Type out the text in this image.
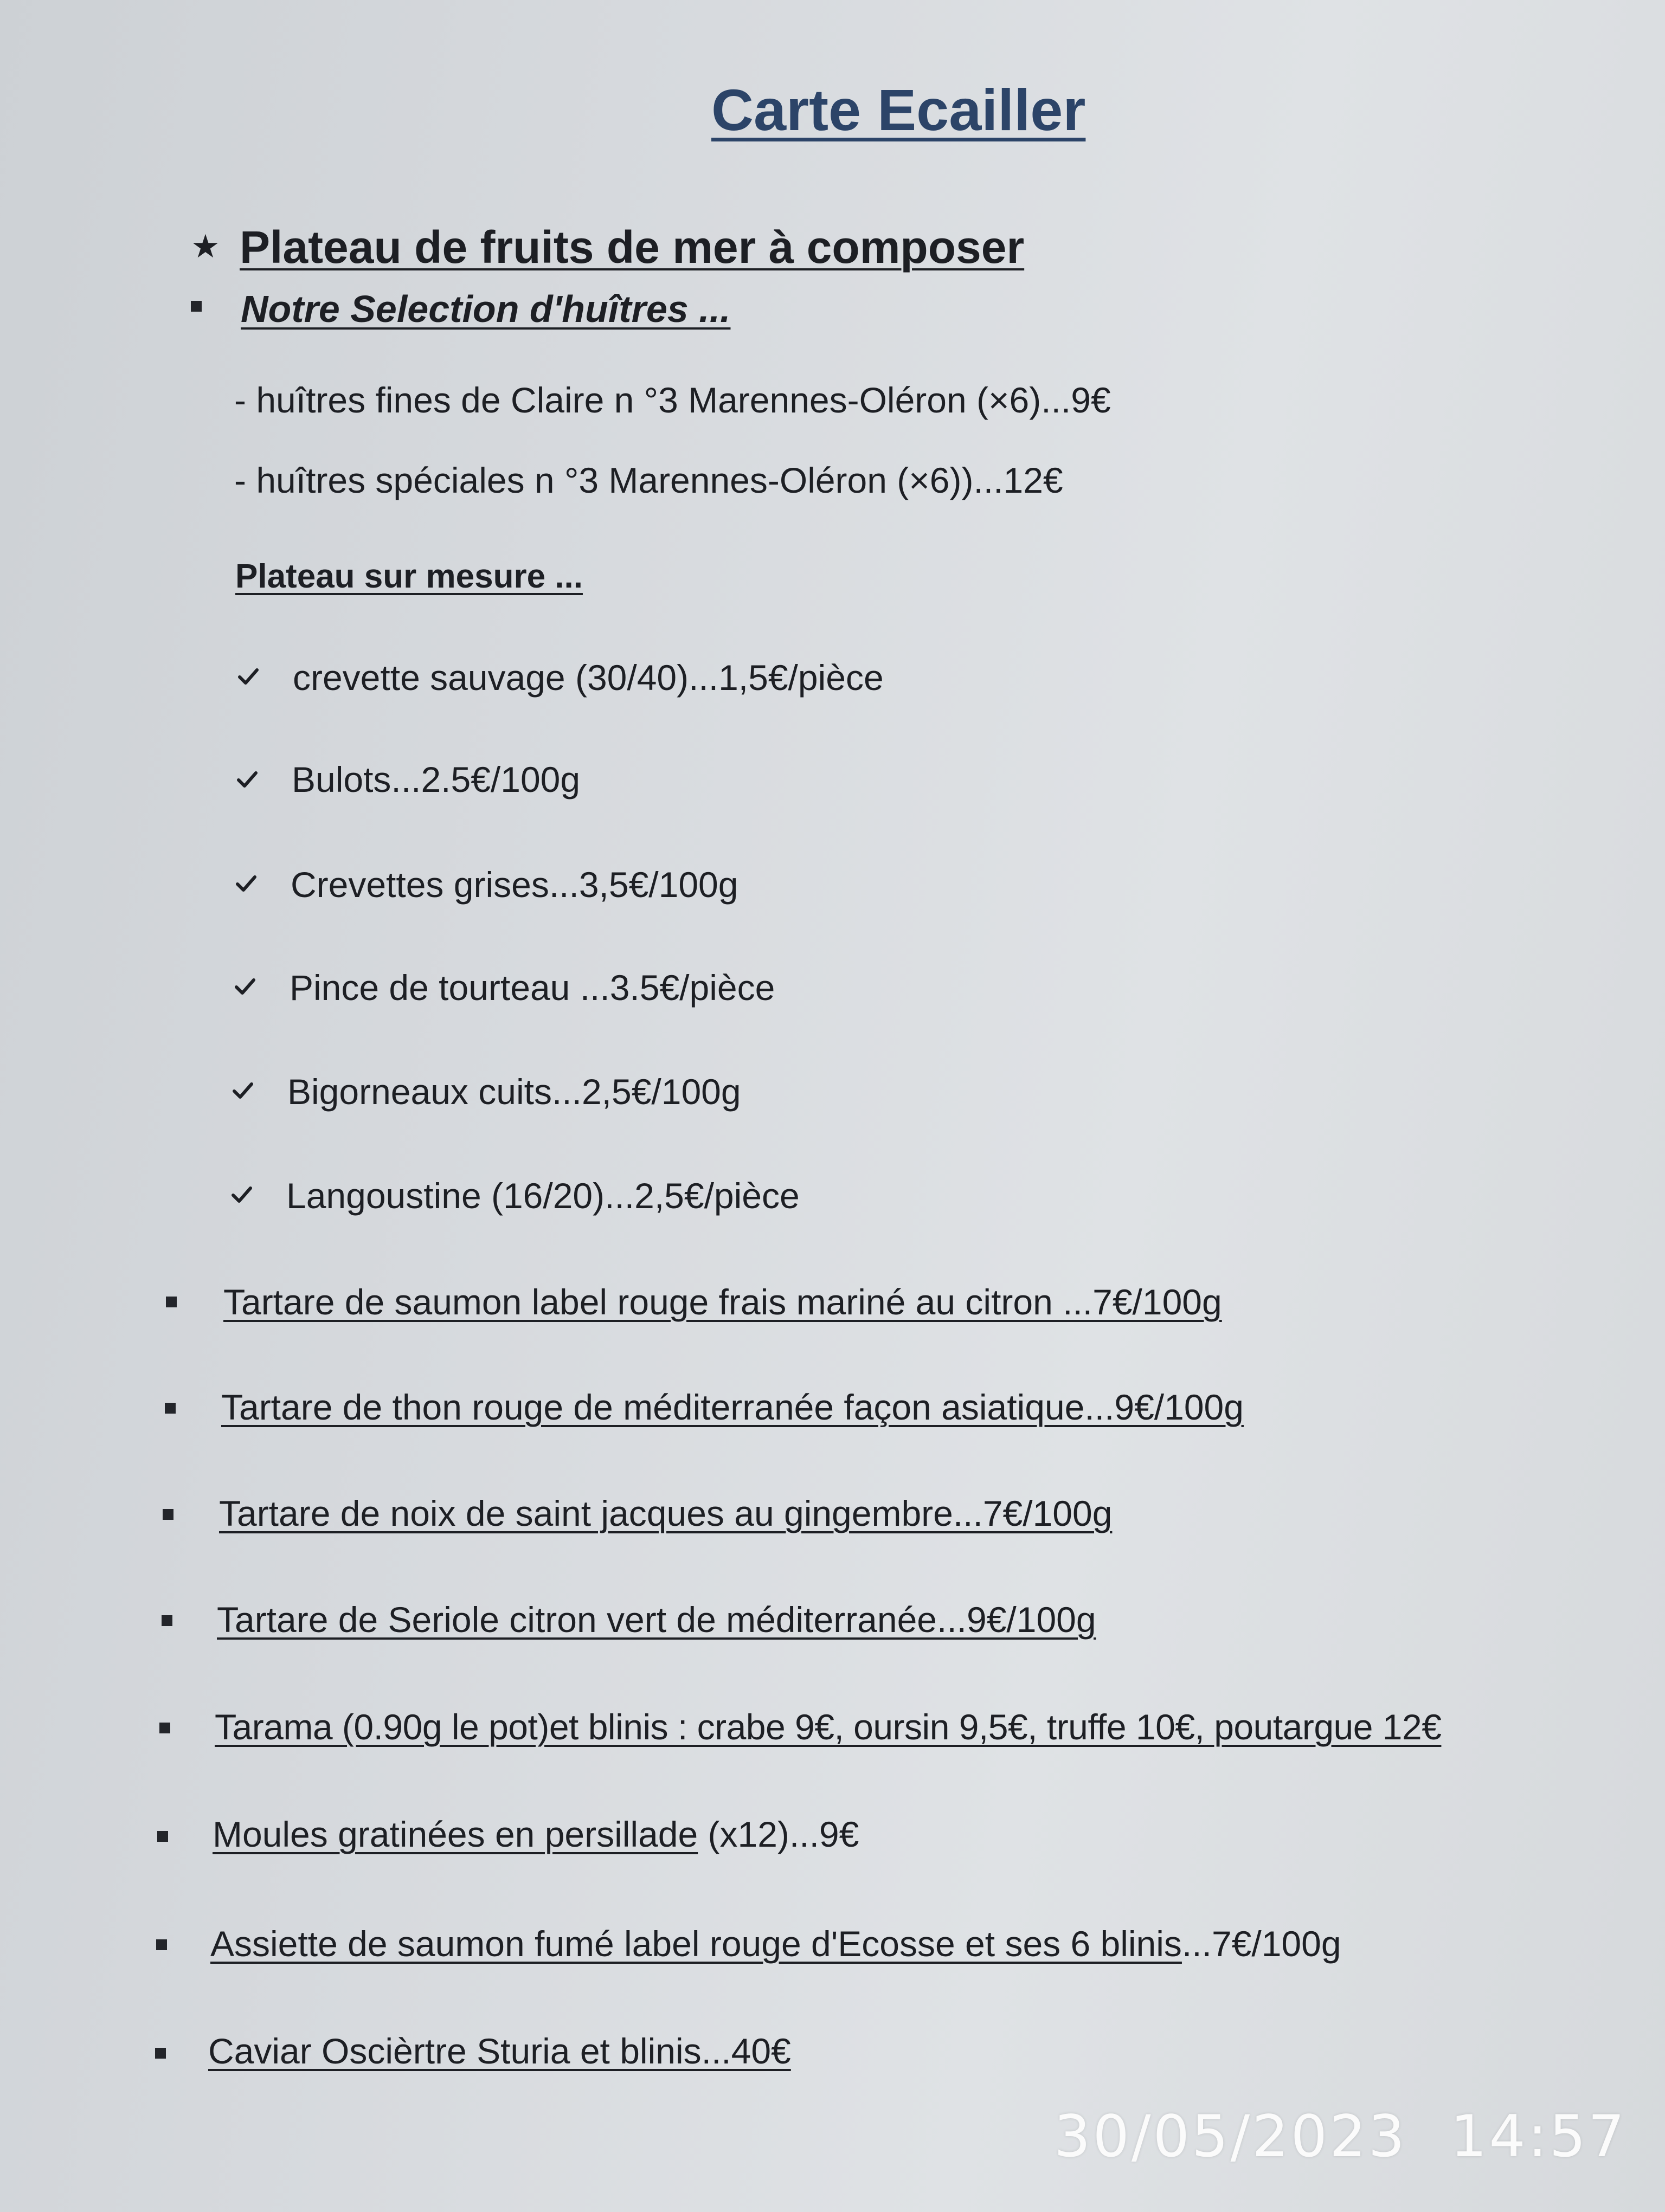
Carte Ecailler
★ Plateau de fruits de mer à composer
Notre Selection d'huîtres ...
- huîtres fines de Claire n °3 Marennes-Oléron (×6)...9€
- huîtres spéciales n °3 Marennes-Oléron (×6))...12€
Plateau sur mesure ...
crevette sauvage (30/40)...1,5€/pièce
Bulots...2.5€/100g
Crevettes grises...3,5€/100g
Pince de tourteau ...3.5€/pièce
Bigorneaux cuits...2,5€/100g
Langoustine (16/20)...2,5€/pièce
Tartare de saumon label rouge frais mariné au citron ...7€/100g
Tartare de thon rouge de méditerranée façon asiatique...9€/100g
Tartare de noix de saint jacques au gingembre...7€/100g
Tartare de Seriole citron vert de méditerranée...9€/100g
Tarama (0.90g le pot)et blinis : crabe 9€, oursin 9,5€, truffe 10€, poutargue 12€
Moules gratinées en persillade (x12)...9€
Assiette de saumon fumé label rouge d'Ecosse et ses 6 blinis...7€/100g
Caviar Oscièrtre Sturia et blinis...40€
30/05/2023 14:57
